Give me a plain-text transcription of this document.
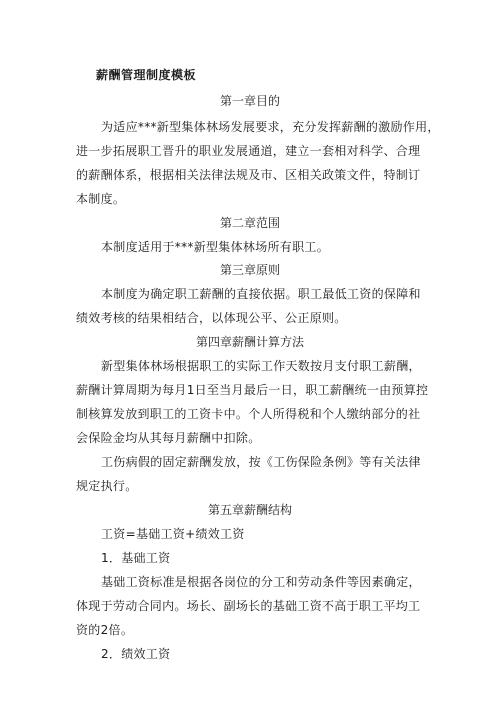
薪酬管理制度模板
第一章目的
为适应***新型集体林场发展要求，充分发挥薪酬的激励作用，
进一步拓展职工晋升的职业发展通道，建立一套相对科学、合理
的薪酬体系，根据相关法律法规及市、区相关政策文件，特制订
本制度。
第二章范围
本制度适用于***新型集体林场所有职工。
第三章原则
本制度为确定职工薪酬的直接依据。职工最低工资的保障和
绩效考核的结果相结合，以体现公平、公正原则。
第四章薪酬计算方法
新型集体林场根据职工的实际工作天数按月支付职工薪酬，
薪酬计算周期为每月1日至当月最后一日，职工薪酬统一由预算控
制核算发放到职工的工资卡中。个人所得税和个人缴纳部分的社
会保险金均从其每月薪酬中扣除。
工伤病假的固定薪酬发放，按《工伤保险条例》等有关法律
规定执行。
第五章薪酬结构
工资=基础工资+绩效工资
1．基础工资
基础工资标准是根据各岗位的分工和劳动条件等因素确定，
体现于劳动合同内。场长、副场长的基础工资不高于职工平均工
资的2倍。
2．绩效工资
